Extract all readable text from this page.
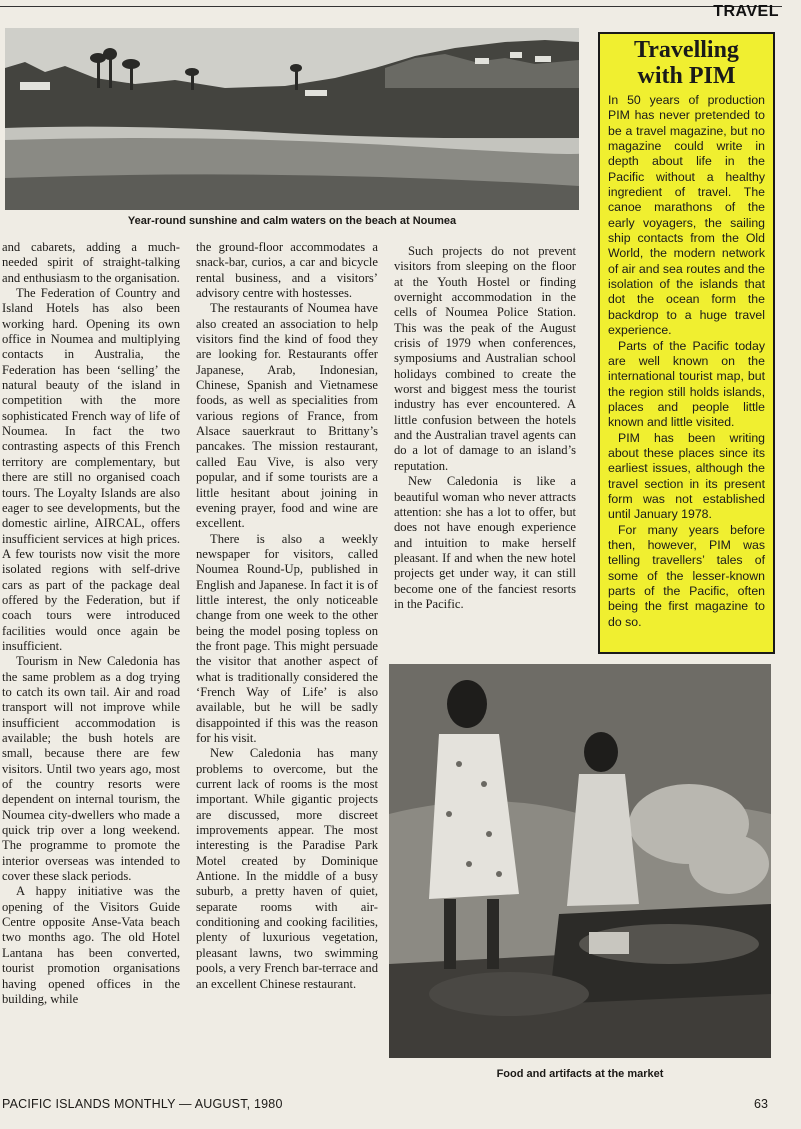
TRAVEL
Year-round sunshine and calm waters on the beach at Noumea

and cabarets, adding a much-needed spirit of straight-talking and enthusiasm to the organisation.

The Federation of Country and Island Hotels has also been working hard. Opening its own office in Noumea and multiplying contacts in Australia, the Federation has been ‘selling’ the natural beauty of the island in competition with the more sophisticated French way of life of Noumea. In fact the two contrasting aspects of this French territory are complementary, but there are still no organised coach tours. The Loyalty Islands are also eager to see developments, but the domestic airline, AIRCAL, offers insufficient services at high prices. A few tourists now visit the more isolated regions with self-drive cars as part of the package deal offered by the Federation, but if coach tours were introduced facilities would once again be insufficient.

Tourism in New Caledonia has the same problem as a dog trying to catch its own tail. Air and road transport will not improve while insufficient accommodation is available; the bush hotels are small, because there are few visitors. Until two years ago, most of the country resorts were dependent on internal tourism, the Noumea city-dwellers who made a quick trip over a long weekend. The programme to promote the interior overseas was intended to cover these slack periods.

A happy initiative was the opening of the Visitors Guide Centre opposite Anse-Vata beach two months ago. The old Hotel Lantana has been converted, tourist promotion organisations having opened offices in the building, while

the ground-floor accommodates a snack-bar, curios, a car and bicycle rental business, and a visitors’ advisory centre with hostesses.

The restaurants of Noumea have also created an association to help visitors find the kind of food they are looking for. Restaurants offer Japanese, Arab, Indonesian, Chinese, Spanish and Vietnamese foods, as well as specialities from various regions of France, from Alsace sauerkraut to Brittany’s pancakes. The mission restaurant, called Eau Vive, is also very popular, and if some tourists are a little hesitant about joining in evening prayer, food and wine are excellent.

There is also a weekly newspaper for visitors, called Noumea Round-Up, published in English and Japanese. In fact it is of little interest, the only noticeable change from one week to the other being the model posing topless on the front page. This might persuade the visitor that another aspect of what is traditionally considered the ‘French Way of Life’ is also available, but he will be sadly disappointed if this was the reason for his visit.

New Caledonia has many problems to overcome, but the current lack of rooms is the most important. While gigantic projects are discussed, more discreet improvements appear. The most interesting is the Paradise Park Motel created by Dominique Antione. In the middle of a busy suburb, a pretty haven of quiet, separate rooms with air-conditioning and cooking facilities, plenty of luxurious vegetation, pleasant lawns, two swimming pools, a very French bar-terrace and an excellent Chinese restaurant.

Such projects do not prevent visitors from sleeping on the floor at the Youth Hostel or finding overnight accommodation in the cells of Noumea Police Station. This was the peak of the August crisis of 1979 when conferences, symposiums and Australian school holidays combined to create the worst and biggest mess the tourist industry has ever encountered. A little confusion between the hotels and the Australian travel agents can do a lot of damage to an island’s reputation.

New Caledonia is like a beautiful woman who never attracts attention: she has a lot to offer, but does not have enough experience and intuition to make herself pleasant. If and when the new hotel projects get under way, it can still become one of the fanciest resorts in the Pacific.

Travelling
with PIM

In 50 years of production PIM has never pretended to be a travel magazine, but no magazine could write in depth about life in the Pacific without a healthy ingredient of travel. The canoe marathons of the early voyagers, the sailing ship contacts from the Old World, the modern network of air and sea routes and the isolation of the islands that dot the ocean form the backdrop to a huge travel experience.

Parts of the Pacific today are well known on the international tourist map, but the region still holds islands, places and people little known and little visited.

PIM has been writing about these places since its earliest issues, although the travel section in its present form was not established until January 1978.

For many years before then, however, PIM was telling travellers’ tales of some of the lesser-known parts of the Pacific, often being the first magazine to do so.

Food and artifacts at the market
PACIFIC ISLANDS MONTHLY — AUGUST, 1980	63
